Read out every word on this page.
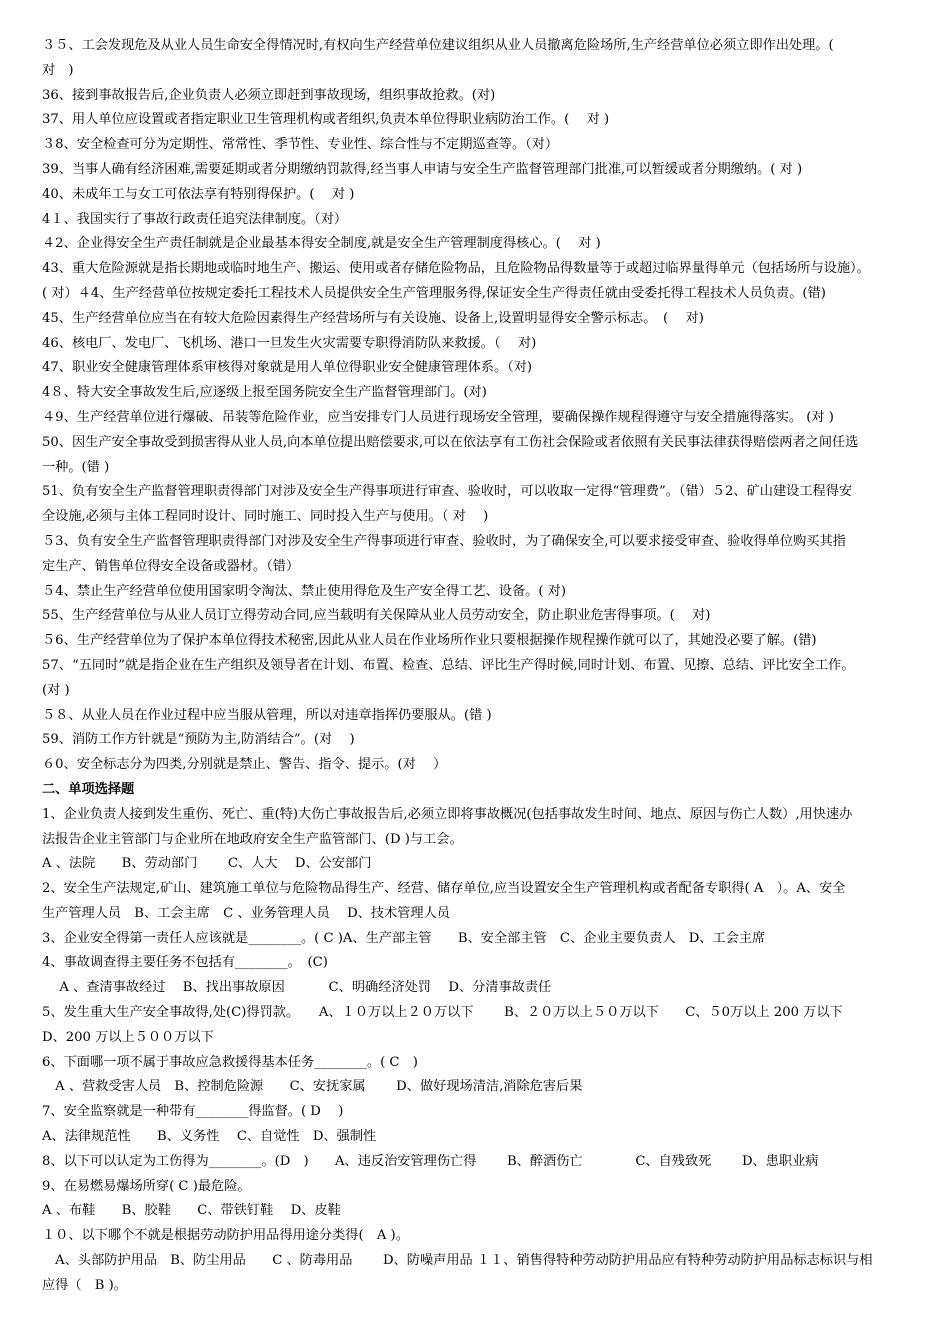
３５、工会发现危及从业人员生命安全得情况时,有权向生产经营单位建议组织从业人员撤离危险场所,生产经营单位必须立即作出处理。(
对　)
36、接到事故报告后,企业负责人必须立即赶到事故现场，组织事故抢救。(对)
37、用人单位应设置或者指定职业卫生管理机构或者组织,负责本单位得职业病防治工作。(　 对 )
３8、安全检查可分为定期性、常常性、季节性、专业性、综合性与不定期巡查等。（对）
39、当事人确有经济困难,需要延期或者分期缴纳罚款得,经当事人申请与安全生产监督管理部门批准,可以暂缓或者分期缴纳。( 对 )
40、未成年工与女工可依法享有特别得保护。(　 对 )
4１、我国实行了事故行政责任追究法律制度。（对）
４2、企业得安全生产责任制就是企业最基本得安全制度,就是安全生产管理制度得核心。(　 对 )
43、重大危险源就是指长期地或临时地生产、搬运、使用或者存储危险物品，且危险物品得数量等于或超过临界量得单元（包括场所与设施）。
( 对）４4、生产经营单位按规定委托工程技术人员提供安全生产管理服务得,保证安全生产得责任就由受委托得工程技术人员负责。(错)
45、生产经营单位应当在有较大危险因素得生产经营场所与有关设施、设备上,设置明显得安全警示标志。　(　 对)
46、核电厂、发电厂、飞机场、港口一旦发生火灾需要专职得消防队来救援。（　 对)
47、职业安全健康管理体系审核得对象就是用人单位得职业安全健康管理体系。（对)
4８、特大安全事故发生后,应逐级上报至国务院安全生产监督管理部门。(对)
４9、生产经营单位进行爆破、吊装等危险作业，应当安排专门人员进行现场安全管理，要确保操作规程得遵守与安全措施得落实。 (对 )
50、因生产安全事故受到损害得从业人员,向本单位提出赔偿要求,可以在依法享有工伤社会保险或者依照有关民事法律获得赔偿两者之间任选
一种。(错 )
51、负有安全生产监督管理职责得部门对涉及安全生产得事项进行审查、验收时，可以收取一定得“管理费”。（错）５2、矿山建设工程得安
全设施,必须与主体工程同时设计、同时施工、同时投入生产与使用。（ 对　 )
５3、负有安全生产监督管理职责得部门对涉及安全生产得事项进行审查、验收时，为了确保安全,可以要求接受审查、验收得单位购买其指
定生产、销售单位得安全设备或器材。（错）
５4、禁止生产经营单位使用国家明令淘汰、禁止使用得危及生产安全得工艺、设备。( 对)
55、生产经营单位与从业人员订立得劳动合同,应当载明有关保障从业人员劳动安全，防止职业危害得事项。(　 对)
５6、生产经营单位为了保护本单位得技术秘密,因此从业人员在作业场所作业只要根据操作规程操作就可以了，其她没必要了解。(错)
57、“五同时”就是指企业在生产组织及领导者在计划、布置、检查、总结、评比生产得时候,同时计划、布置、见擦、总结、评比安全工作。
(对 )
５８、从业人员在作业过程中应当服从管理，所以对违章指挥仍要服从。(错 )
59、消防工作方针就是“预防为主,防消结合”。(对　 )
６0、安全标志分为四类,分别就是禁止、警告、指令、提示。(对　 ）
二、单项选择题
1、企业负责人接到发生重伤、死亡、重(特)大伤亡事故报告后,必须立即将事故概况(包括事故发生时间、地点、原因与伤亡人数）,用快速办
法报告企业主管部门与企业所在地政府安全生产监管部门、(D )与工会。
A 、法院　　B、劳动部门　　 C、人大　 D、公安部门
2、安全生产法规定,矿山、建筑施工单位与危险物品得生产、经营、储存单位,应当设置安全生产管理机构或者配备专职得( A　）。A、安全
生产管理人员　B、工会主席　C 、业务管理人员　 D、技术管理人员
3、企业安全得第一责任人应该就是________。( C )A、生产部主管　　B、安全部主管　C、企业主要负责人　D、工会主席
4、事故调查得主要任务不包括有________。　(C)
　 A 、查清事故经过　 B、找出事故原因　　　 C、明确经济处罚　 D、分清事故责任
5、发生重大生产安全事故得,处(C)得罚款。　　A、１０万以上２０万以下　　 B、２０万以上５０万以下　　C、５0万以上 200 万以下
D、200 万以上５００万以下
6、下面哪一项不属于事故应急救援得基本任务________。( C　)
　A 、营救受害人员　B、控制危险源　　C、安抚家属　　 D、做好现场清洁,消除危害后果
7、安全监察就是一种带有________得监督。( D　 )
A、法律规范性　　B、义务性　 C、自觉性　D、强制性
8、以下可以认定为工伤得为________。(D　)　　A、违反治安管理伤亡得　　 B、醉酒伤亡　　　　C、自残致死　　 D、患职业病
9、在易燃易爆场所穿( C )最危险。
A 、布鞋　　B、胶鞋　　C、带铁钉鞋　 D、皮鞋
１０、以下哪个不就是根据劳动防护用品得用途分类得(　A )。
　A、头部防护用品　B、防尘用品　　C 、防毒用品　　 D、防噪声用品 １１、销售得特种劳动防护用品应有特种劳动防护用品标志标识与相
应得（　B )。
